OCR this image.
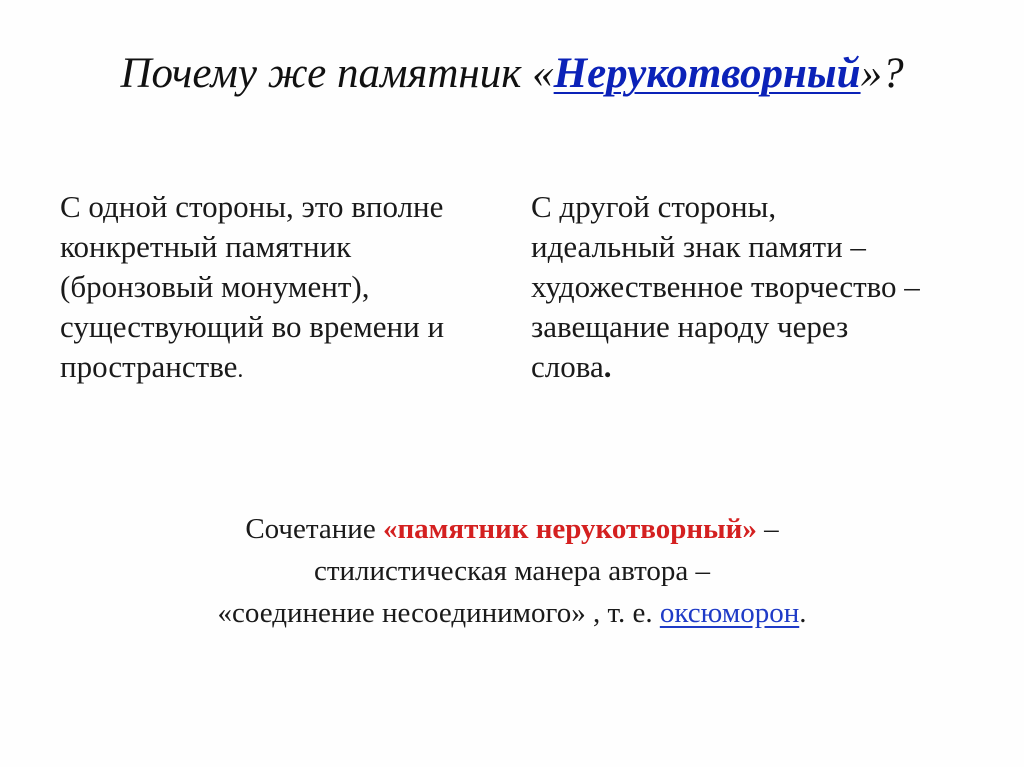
Почему же памятник «Нерукотворный»?
С одной стороны, это вполне
конкретный памятник
(бронзовый монумент),
существующий во времени и
пространстве.
С другой стороны,
идеальный знак памяти –
художественное творчество –
завещание народу через
слова.
Сочетание «памятник нерукотворный» –
стилистическая манера автора –
«соединение несоединимого» , т. е. оксюморон.
